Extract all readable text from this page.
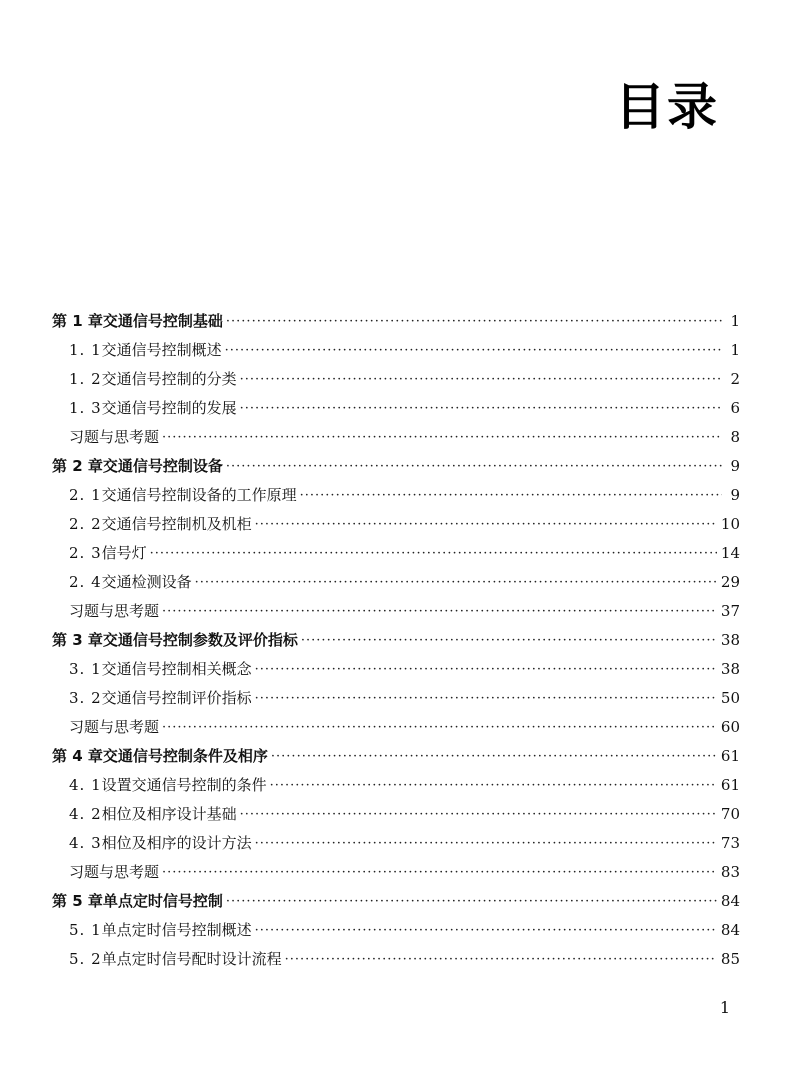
目录
第 1 章 交通信号控制基础 ·····	1
1. 1 交通信号控制概述 ·····	1
1. 2 交通信号控制的分类 ·····	2
1. 3 交通信号控制的发展 ·····	6
习题与思考题 ·····	8
第 2 章 交通信号控制设备 ·····	9
2. 1 交通信号控制设备的工作原理 ·····	9
2. 2 交通信号控制机及机柜 ·····	10
2. 3 信号灯 ·····	14
2. 4 交通检测设备 ·····	29
习题与思考题 ·····	37
第 3 章 交通信号控制参数及评价指标 ·····	38
3. 1 交通信号控制相关概念 ·····	38
3. 2 交通信号控制评价指标 ·····	50
习题与思考题 ·····	60
第 4 章 交通信号控制条件及相序 ·····	61
4. 1 设置交通信号控制的条件 ·····	61
4. 2 相位及相序设计基础 ·····	70
4. 3 相位及相序的设计方法 ·····	73
习题与思考题 ·····	83
第 5 章 单点定时信号控制 ·····	84
5. 1 单点定时信号控制概述 ·····	84
5. 2 单点定时信号配时设计流程 ·····	85
1
